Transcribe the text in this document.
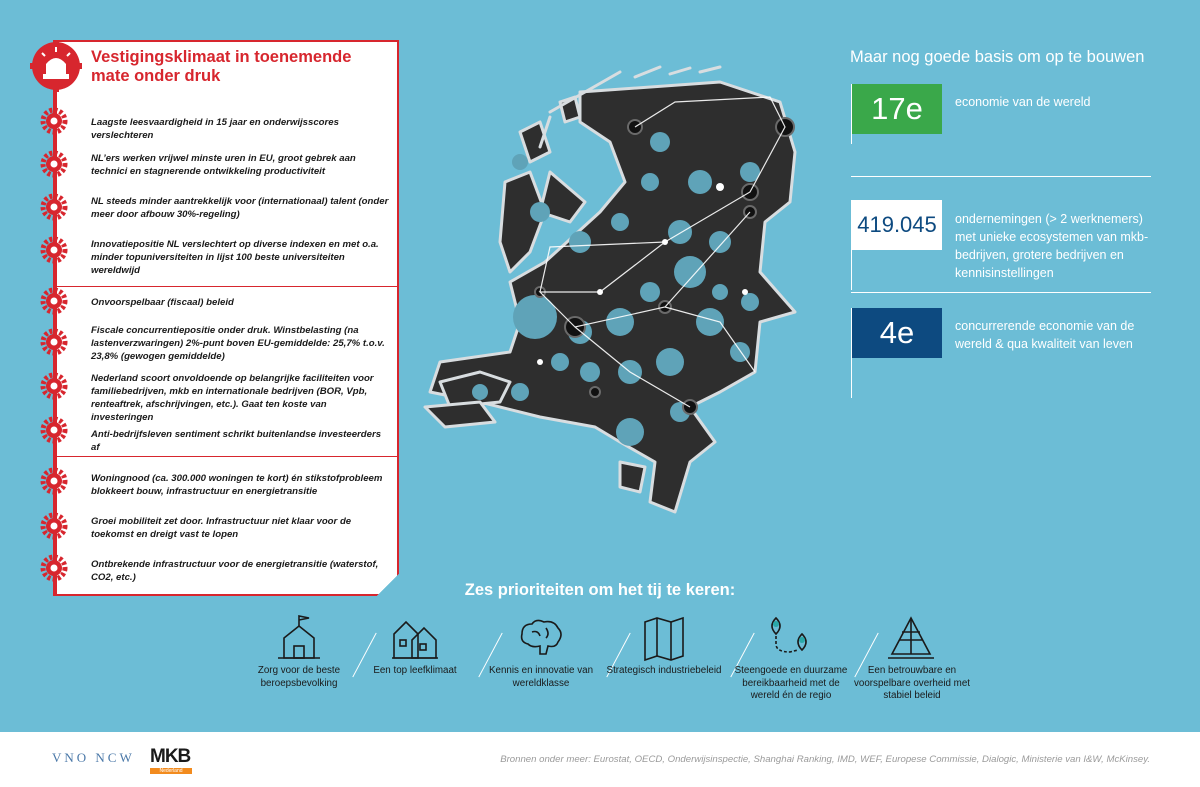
Vestigingsklimaat in toenemende mate onder druk
Laagste leesvaardigheid in 15 jaar en onderwijsscores verslechteren
NL’ers werken vrijwel minste uren in EU, groot gebrek aan technici en stagnerende ontwikkeling productiviteit
NL steeds minder aantrekkelijk voor (internationaal) talent (onder meer door afbouw 30%-regeling)
Innovatiepositie NL verslechtert op diverse indexen en met o.a. minder topuniversiteiten in lijst 100 beste universiteiten wereldwijd
Onvoorspelbaar (fiscaal) beleid
Fiscale concurrentiepositie onder druk. Winstbelasting (na lastenverzwaringen) 2%-punt boven EU-gemiddelde: 25,7% t.o.v. 23,8% (gewogen gemiddelde)
Nederland scoort onvoldoende op belangrijke faciliteiten voor familiebedrijven, mkb en internationale bedrijven (BOR, Vpb, renteaftrek, afschrijvingen, etc.). Gaat ten koste van investeringen
Anti-bedrijfsleven sentiment schrikt buitenlandse investeerders af
Woningnood (ca. 300.000 woningen te kort) én stikstofprobleem blokkeert bouw, infrastructuur en energietransitie
Groei mobiliteit zet door. Infrastructuur niet klaar voor de toekomst en dreigt vast te lopen
Ontbrekende infrastructuur voor de energietransitie (waterstof, CO2, etc.)
Maar nog goede basis om op te bouwen
17e	economie van de wereld
419.045	ondernemingen (> 2 werknemers) met unieke ecosystemen van mkb-bedrijven, grotere bedrijven en kennisinstellingen
4e	concurrerende economie van de wereld & qua kwaliteit van leven
Zes prioriteiten om het tij te keren:
Zorg voor de beste beroepsbevolking
Een top leefklimaat	Kennis en innovatie van wereldklasse
Strategisch industriebeleid	Steengoede en duurzame bereikbaarheid met de wereld én de regio
Een betrouwbare en voorspelbare overheid met stabiel beleid
VNO NCW MKB
Nederland
Bronnen onder meer: Eurostat, OECD, Onderwijsinspectie, Shanghai Ranking, IMD, WEF, Europese Commissie, Dialogic, Ministerie van I&W, McKinsey.
